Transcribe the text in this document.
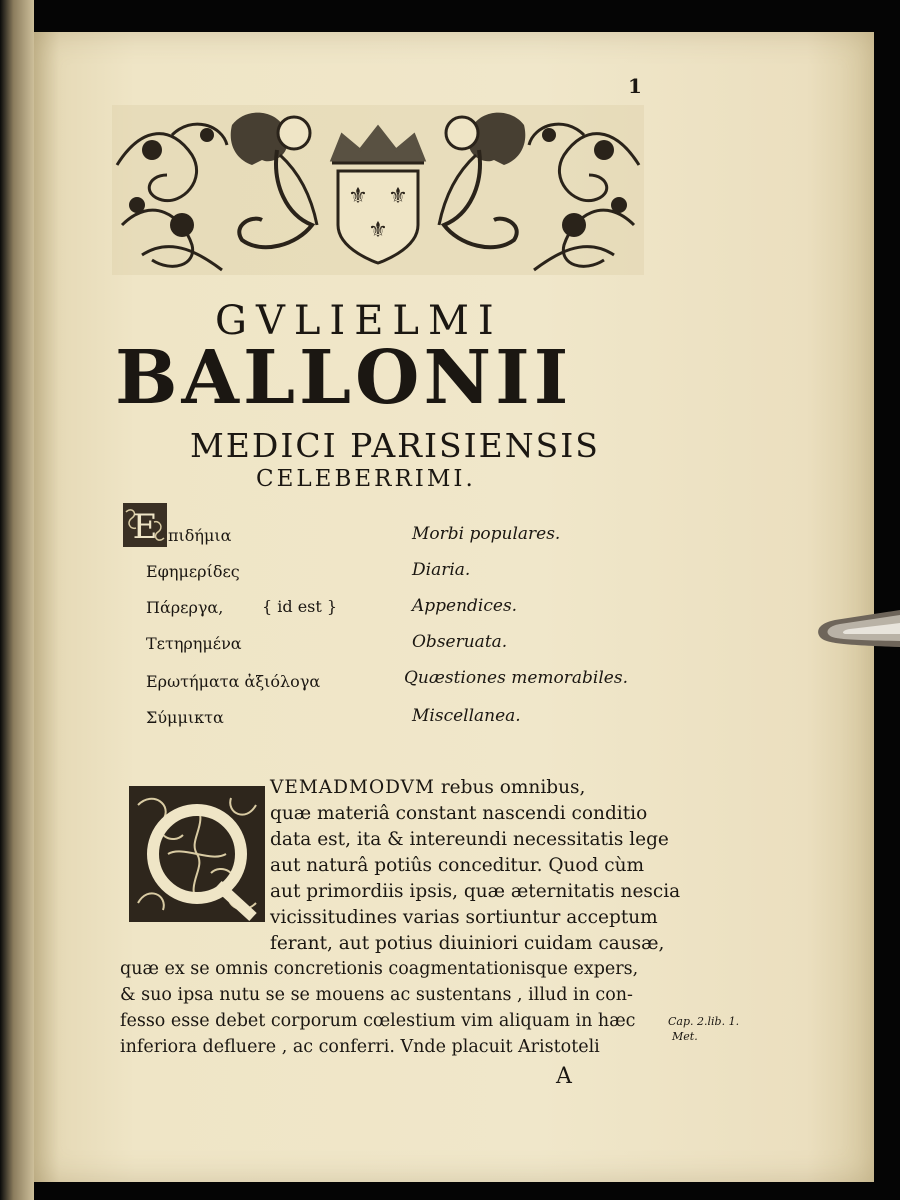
1
⚜ ⚜
⚜
GVLIELMI
BALLONII
MEDICI PARISIENSIS
CELEBERRIMI.
E πιδήμια
Εφημερίδες
Πάρεργα,
Τετηρημένα
Ερωτήματα ἀξιόλογα
Σύμμικτα
{ id est }
Morbi populares.
Diaria.
Appendices.
Obseruata.
Quæstiones memorabiles.
Miscellanea.
VEMADMODVM rebus omnibus,
quæ materiâ constant nascendi conditio
data est, ita & intereundi necessitatis lege
aut naturâ potiûs conceditur. Quod cùm
aut primordiis ipsis, quæ æternitatis nescia
vicissitudines varias sortiuntur acceptum
ferant, aut potius diuiniori cuidam causæ,
quæ ex se omnis concretionis coagmentationisque expers,
& suo ipsa nutu se se mouens ac sustentans , illud in con-
fesso esse debet corporum cœlestium vim aliquam in hæc
inferiora defluere , ac conferri. Vnde placuit Aristoteli
Cap. 2.lib. 1.
Met.
A
